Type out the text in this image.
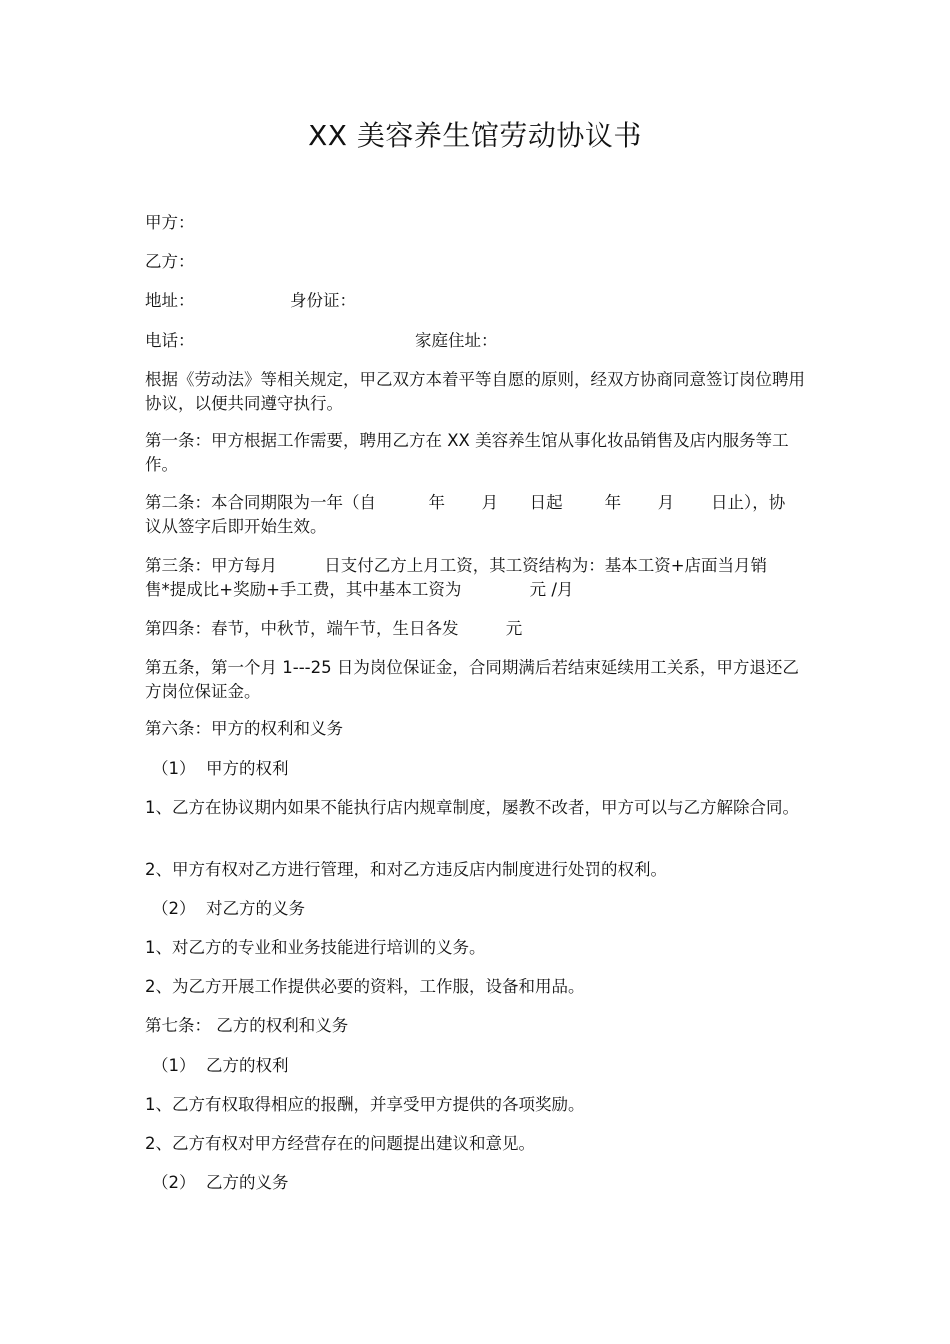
XX 美容养生馆劳动协议书
甲方：
乙方：
地址：	身份证：
电话：	家庭住址：
根据《劳动法》等相关规定，甲乙双方本着平等自愿的原则，经双方协商同意签订岗位聘用协议，以便共同遵守执行。
第一条：甲方根据工作需要，聘用乙方在 XX 美容养生馆从事化妆品销售及店内服务等工作。
第二条：本合同期限为一年（自          年       月      日起        年       月       日止），协
议从签字后即开始生效。
第三条：甲方每月         日支付乙方上月工资，其工资结构为：基本工资+店面当月销
售*提成比+奖励+手工费，其中基本工资为             元 /月
第四条：春节，中秋节，端午节，生日各发         元
第五条，第一个月 1---25 日为岗位保证金，合同期满后若结束延续用工关系，甲方退还乙方岗位保证金。
第六条：甲方的权利和义务
（1）  甲方的权利
1、乙方在协议期内如果不能执行店内规章制度，屡教不改者，甲方可以与乙方解除合同。
2、甲方有权对乙方进行管理，和对乙方违反店内制度进行处罚的权利。
（2）  对乙方的义务
1、对乙方的专业和业务技能进行培训的义务。
2、为乙方开展工作提供必要的资料，工作服，设备和用品。
第七条： 乙方的权利和义务
（1）  乙方的权利
1、乙方有权取得相应的报酬，并享受甲方提供的各项奖励。
2、乙方有权对甲方经营存在的问题提出建议和意见。
（2）  乙方的义务
